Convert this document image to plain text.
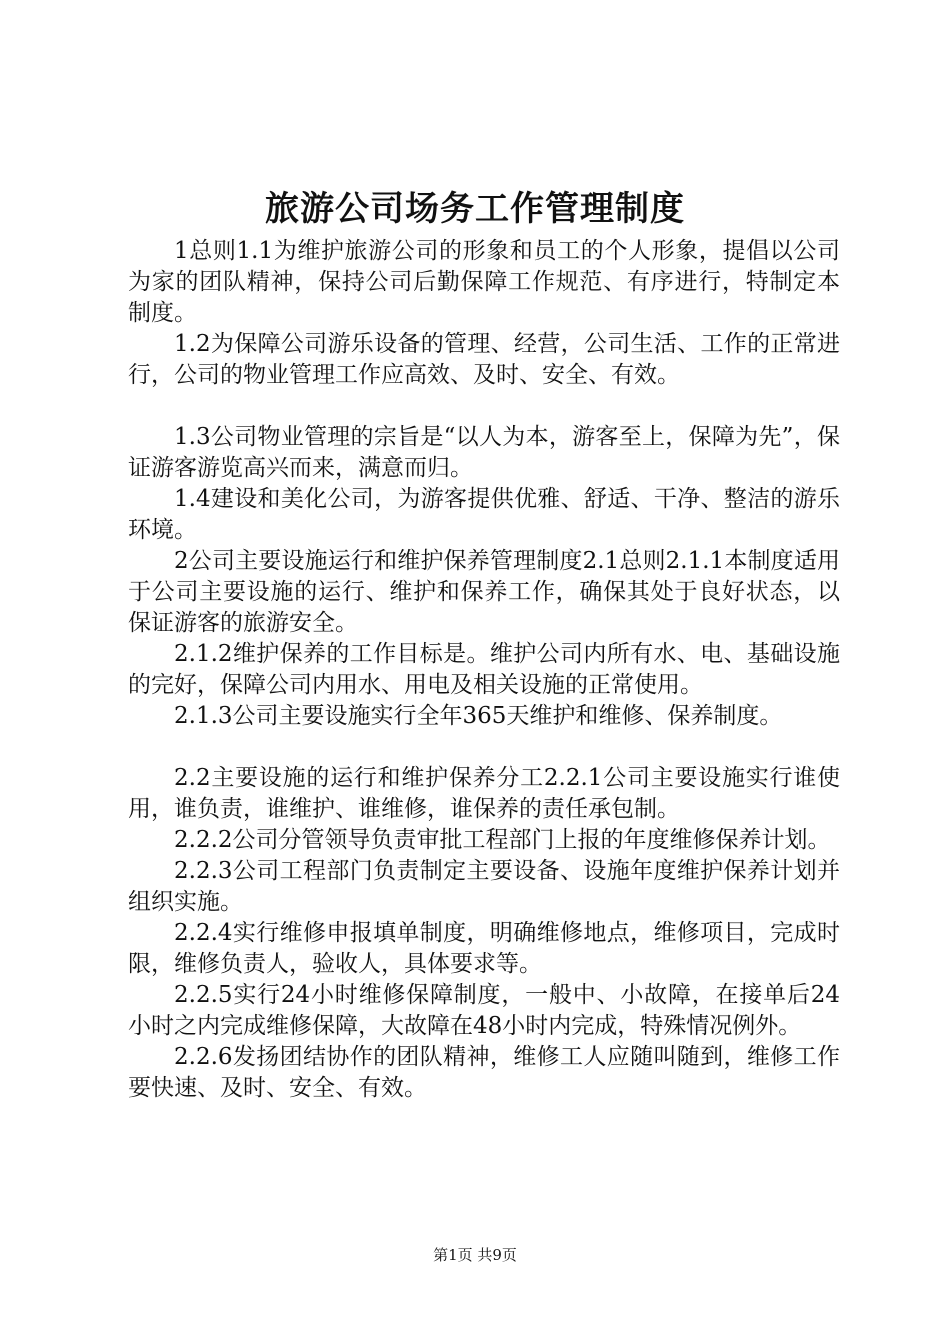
旅游公司场务工作管理制度

1总则1.1为维护旅游公司的形象和员工的个人形象，提倡以公司为家的团队精神，保持公司后勤保障工作规范、有序进行，特制定本制度。

1.2为保障公司游乐设备的管理、经营，公司生活、工作的正常进行，公司的物业管理工作应高效、及时、安全、有效。

1.3公司物业管理的宗旨是“以人为本，游客至上，保障为先”，保证游客游览高兴而来，满意而归。

1.4建设和美化公司，为游客提供优雅、舒适、干净、整洁的游乐环境。

2公司主要设施运行和维护保养管理制度2.1总则2.1.1本制度适用于公司主要设施的运行、维护和保养工作，确保其处于良好状态，以保证游客的旅游安全。

2.1.2维护保养的工作目标是。维护公司内所有水、电、基础设施的完好，保障公司内用水、用电及相关设施的正常使用。

2.1.3公司主要设施实行全年365天维护和维修、保养制度。

2.2主要设施的运行和维护保养分工2.2.1公司主要设施实行谁使用，谁负责，谁维护、谁维修，谁保养的责任承包制。

2.2.2公司分管领导负责审批工程部门上报的年度维修保养计划。

2.2.3公司工程部门负责制定主要设备、设施年度维护保养计划并组织实施。

2.2.4实行维修申报填单制度，明确维修地点，维修项目，完成时限，维修负责人，验收人，具体要求等。

2.2.5实行24小时维修保障制度，一般中、小故障，在接单后24小时之内完成维修保障，大故障在48小时内完成，特殊情况例外。

2.2.6发扬团结协作的团队精神，维修工人应随叫随到，维修工作要快速、及时、安全、有效。

第1页 共9页
